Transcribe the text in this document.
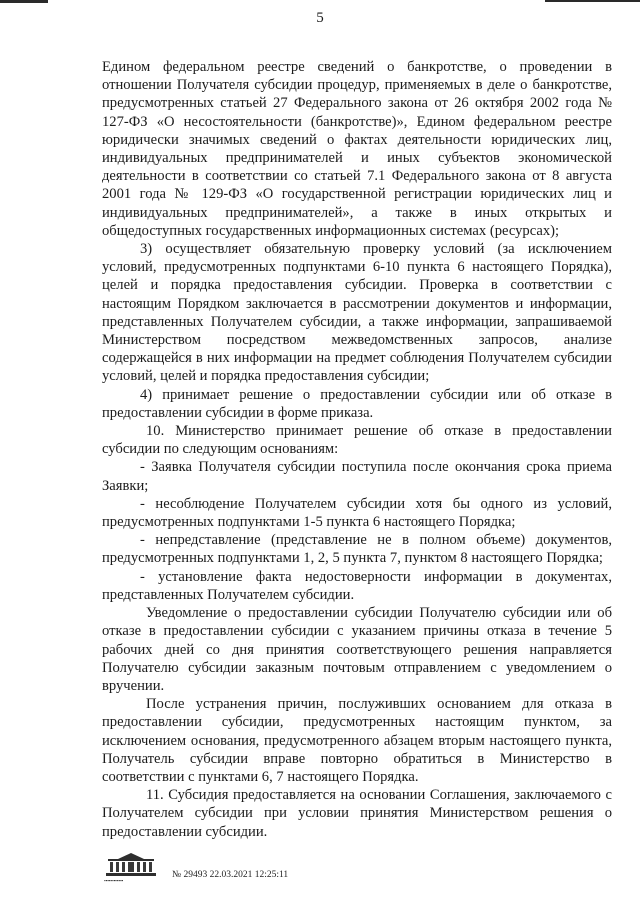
5

Едином федеральном реестре сведений о банкротстве, о проведении в отношении Получателя субсидии процедур, применяемых в деле о банкротстве, предусмотренных статьей 27 Федерального закона от 26 октября 2002 года № 127-ФЗ «О несостоятельности (банкротстве)», Едином федеральном реестре юридически значимых сведений о фактах деятельности юридических лиц, индивидуальных предпринимателей и иных субъектов экономической деятельности в соответствии со статьей 7.1 Федерального закона от 8 августа 2001 года № 129-ФЗ «О государственной регистрации юридических лиц и индивидуальных предпринимателей», а также в иных открытых и общедоступных государственных информационных системах (ресурсах);

3) осуществляет обязательную проверку условий (за исключением условий, предусмотренных подпунктами 6-10 пункта 6 настоящего Порядка), целей и порядка предоставления субсидии. Проверка в соответствии с настоящим Порядком заключается в рассмотрении документов и информации, представленных Получателем субсидии, а также информации, запрашиваемой Министерством посредством межведомственных запросов, анализе содержащейся в них информации на предмет соблюдения Получателем субсидии условий, целей и порядка предоставления субсидии;

4) принимает решение о предоставлении субсидии или об отказе в предоставлении субсидии в форме приказа.

10. Министерство принимает решение об отказе в предоставлении субсидии по следующим основаниям:

- Заявка Получателя субсидии поступила после окончания срока приема Заявки;

- несоблюдение Получателем субсидии хотя бы одного из условий, предусмотренных подпунктами 1-5 пункта 6 настоящего Порядка;

- непредставление (представление не в полном объеме) документов, предусмотренных подпунктами 1, 2, 5 пункта 7, пунктом 8 настоящего Порядка;

- установление факта недостоверности информации в документах, представленных Получателем субсидии.

Уведомление о предоставлении субсидии Получателю субсидии или об отказе в предоставлении субсидии с указанием причины отказа в течение 5 рабочих дней со дня принятия соответствующего решения направляется Получателю субсидии заказным почтовым отправлением с уведомлением о вручении.

После устранения причин, послуживших основанием для отказа в предоставлении субсидии, предусмотренных настоящим пунктом, за исключением основания, предусмотренного абзацем вторым настоящего пункта, Получатель субсидии вправе повторно обратиться в Министерство в соответствии с пунктами 6, 7 настоящего Порядка.

11. Субсидия предоставляется на основании Соглашения, заключаемого с Получателем субсидии при условии принятия Министерством решения о предоставлении субсидии.

▪▪▪▪▪▪▪▪▪▪▪▪
№ 29493 22.03.2021 12:25:11
